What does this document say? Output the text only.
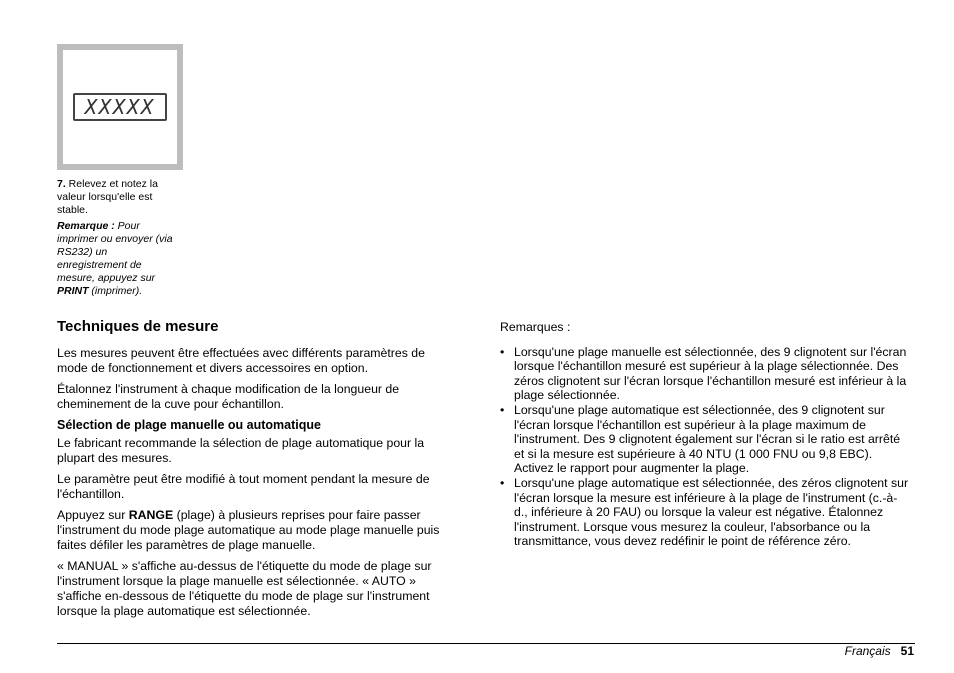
XXXXX
7. Relevez et notez la valeur lorsqu'elle est stable.
Remarque : Pour imprimer ou envoyer (via RS232) un enregistrement de mesure, appuyez sur PRINT (imprimer).
Techniques de mesure

Les mesures peuvent être effectuées avec différents paramètres de mode de fonctionnement et divers accessoires en option.

Étalonnez l'instrument à chaque modification de la longueur de cheminement de la cuve pour échantillon.

Sélection de plage manuelle ou automatique

Le fabricant recommande la sélection de plage automatique pour la plupart des mesures.

Le paramètre peut être modifié à tout moment pendant la mesure de l'échantillon.

Appuyez sur RANGE (plage) à plusieurs reprises pour faire passer l'instrument du mode plage automatique au mode plage manuelle puis faites défiler les paramètres de plage manuelle.

« MANUAL » s'affiche au-dessus de l'étiquette du mode de plage sur l'instrument lorsque la plage manuelle est sélectionnée. « AUTO » s'affiche en-dessous de l'étiquette du mode de plage sur l'instrument lorsque la plage automatique est sélectionnée.

Remarques :

• Lorsqu'une plage manuelle est sélectionnée, des 9 clignotent sur l'écran lorsque l'échantillon mesuré est supérieur à la plage sélectionnée. Des zéros clignotent sur l'écran lorsque l'échantillon mesuré est inférieur à la plage sélectionnée.
• Lorsqu'une plage automatique est sélectionnée, des 9 clignotent sur l'écran lorsque l'échantillon est supérieur à la plage maximum de l'instrument. Des 9 clignotent également sur l'écran si le ratio est arrêté et si la mesure est supérieure à 40 NTU (1 000 FNU ou 9,8 EBC). Activez le rapport pour augmenter la plage.
• Lorsqu'une plage automatique est sélectionnée, des zéros clignotent sur l'écran lorsque la mesure est inférieure à la plage de l'instrument (c.-à-d., inférieure à 20 FAU) ou lorsque la valeur est négative. Étalonnez l'instrument. Lorsque vous mesurez la couleur, l'absorbance ou la transmittance, vous devez redéfinir le point de référence zéro.
Français 51
